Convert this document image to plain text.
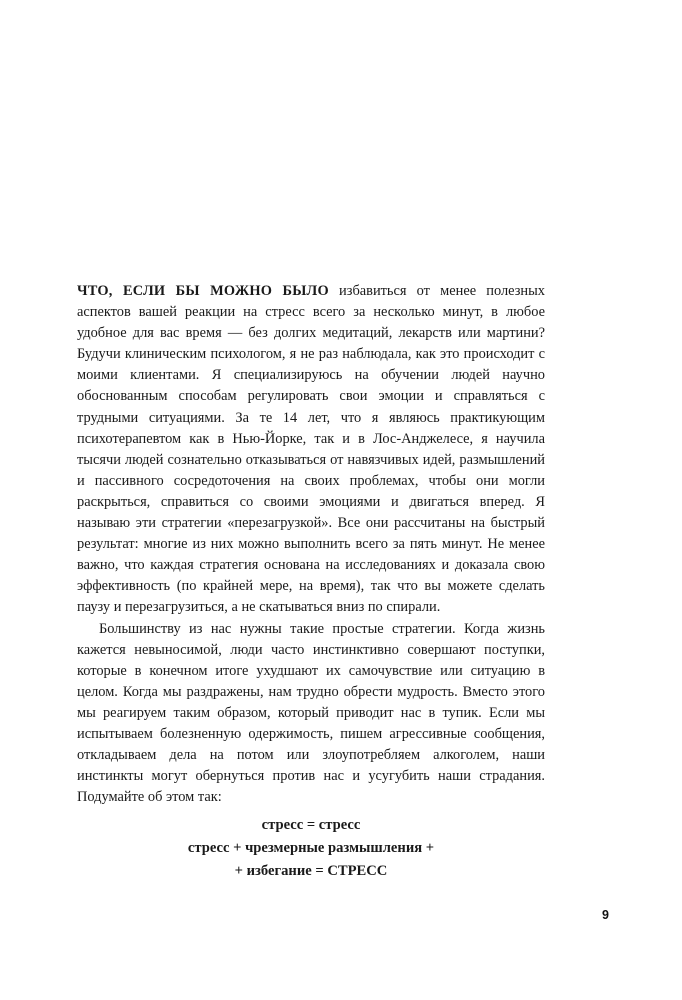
ЧТО, ЕСЛИ БЫ МОЖНО БЫЛО избавиться от менее полезных аспектов вашей реакции на стресс всего за несколько минут, в любое удобное для вас время — без долгих медитаций, лекарств или мартини? Будучи клиническим психологом, я не раз наблюдала, как это происходит с моими клиентами. Я специализируюсь на обучении людей научно обоснованным способам регулировать свои эмоции и справляться с трудными ситуациями. За те 14 лет, что я являюсь практикующим психотерапевтом как в Нью-Йорке, так и в Лос-Анджелесе, я научила тысячи людей сознательно отказываться от навязчивых идей, размышлений и пассивного сосредоточения на своих проблемах, чтобы они могли раскрыться, справиться со своими эмоциями и двигаться вперед. Я называю эти стратегии «перезагрузкой». Все они рассчитаны на быстрый результат: многие из них можно выполнить всего за пять минут. Не менее важно, что каждая стратегия основана на исследованиях и доказала свою эффективность (по крайней мере, на время), так что вы можете сделать паузу и перезагрузиться, а не скатываться вниз по спирали.

Большинству из нас нужны такие простые стратегии. Когда жизнь кажется невыносимой, люди часто инстинктивно совершают поступки, которые в конечном итоге ухудшают их самочувствие или ситуацию в целом. Когда мы раздражены, нам трудно обрести мудрость. Вместо этого мы реагируем таким образом, который приводит нас в тупик. Если мы испытываем болезненную одержимость, пишем агрессивные сообщения, откладываем дела на потом или злоупотребляем алкоголем, наши инстинкты могут обернуться против нас и усугубить наши страдания. Подумайте об этом так:

стресс = стресс
стресс + чрезмерные размышления +
+ избегание = СТРЕСС
9
